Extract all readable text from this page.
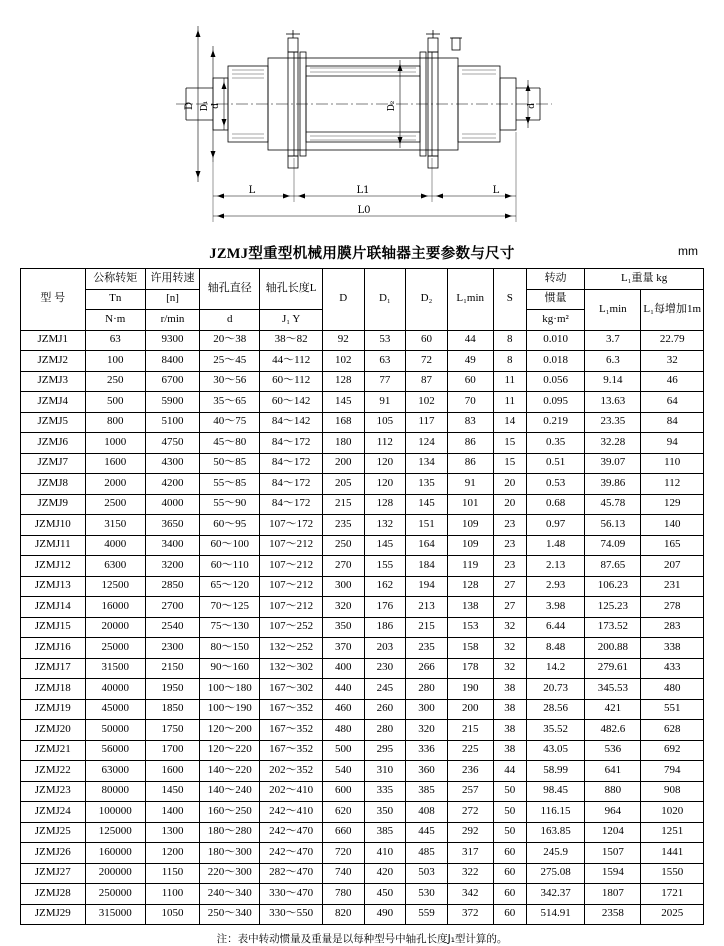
D D₁ d	D₂	d
L	L1	L
L0
JZMJ型重型机械用膜片联轴器主要参数与尺寸	mm
型 号	公称转矩	许用转速	轴孔直径	轴孔长度L	D	D₁	D₂	L₁min	S	转动	L₁重量 kg	
	Tn	[n]								惯量	L₁min	L₁每增加1m
	N·m	r/min	d	J₁ Y						kg·m²		
JZMJ1	63	9300	20～38	38～82	92	53	60	44	8	0.010	3.7	22.79
JZMJ2	100	8400	25～45	44～112	102	63	72	49	8	0.018	6.3	32
JZMJ3	250	6700	30～56	60～112	128	77	87	60	11	0.056	9.14	46
JZMJ4	500	5900	35～65	60～142	145	91	102	70	11	0.095	13.63	64
JZMJ5	800	5100	40～75	84～142	168	105	117	83	14	0.219	23.35	84
JZMJ6	1000	4750	45～80	84～172	180	112	124	86	15	0.35	32.28	94
JZMJ7	1600	4300	50～85	84～172	200	120	134	86	15	0.51	39.07	110
JZMJ8	2000	4200	55～85	84～172	205	120	135	91	20	0.53	39.86	112
JZMJ9	2500	4000	55～90	84～172	215	128	145	101	20	0.68	45.78	129
JZMJ10	3150	3650	60～95	107～172	235	132	151	109	23	0.97	56.13	140
JZMJ11	4000	3400	60～100	107～212	250	145	164	109	23	1.48	74.09	165
JZMJ12	6300	3200	60～110	107～212	270	155	184	119	23	2.13	87.65	207
JZMJ13	12500	2850	65～120	107～212	300	162	194	128	27	2.93	106.23	231
JZMJ14	16000	2700	70～125	107～212	320	176	213	138	27	3.98	125.23	278
JZMJ15	20000	2540	75～130	107～252	350	186	215	153	32	6.44	173.52	283
JZMJ16	25000	2300	80～150	132～252	370	203	235	158	32	8.48	200.88	338
JZMJ17	31500	2150	90～160	132～302	400	230	266	178	32	14.2	279.61	433
JZMJ18	40000	1950	100～180	167～302	440	245	280	190	38	20.73	345.53	480
JZMJ19	45000	1850	100～190	167～352	460	260	300	200	38	28.56	421	551
JZMJ20	50000	1750	120～200	167～352	480	280	320	215	38	35.52	482.6	628
JZMJ21	56000	1700	120～220	167～352	500	295	336	225	38	43.05	536	692
JZMJ22	63000	1600	140～220	202～352	540	310	360	236	44	58.99	641	794
JZMJ23	80000	1450	140～240	202～410	600	335	385	257	50	98.45	880	908
JZMJ24	100000	1400	160～250	242～410	620	350	408	272	50	116.15	964	1020
JZMJ25	125000	1300	180～280	242～470	660	385	445	292	50	163.85	1204	1251
JZMJ26	160000	1200	180～300	242～470	720	410	485	317	60	245.9	1507	1441
JZMJ27	200000	1150	220～300	282～470	740	420	503	322	60	275.08	1594	1550
JZMJ28	250000	1100	240～340	330～470	780	450	530	342	60	342.37	1807	1721
JZMJ29	315000	1050	250～340	330～550	820	490	559	372	60	514.91	2358	2025
注：表中转动惯量及重量是以每种型号中轴孔长度J₁型计算的。
